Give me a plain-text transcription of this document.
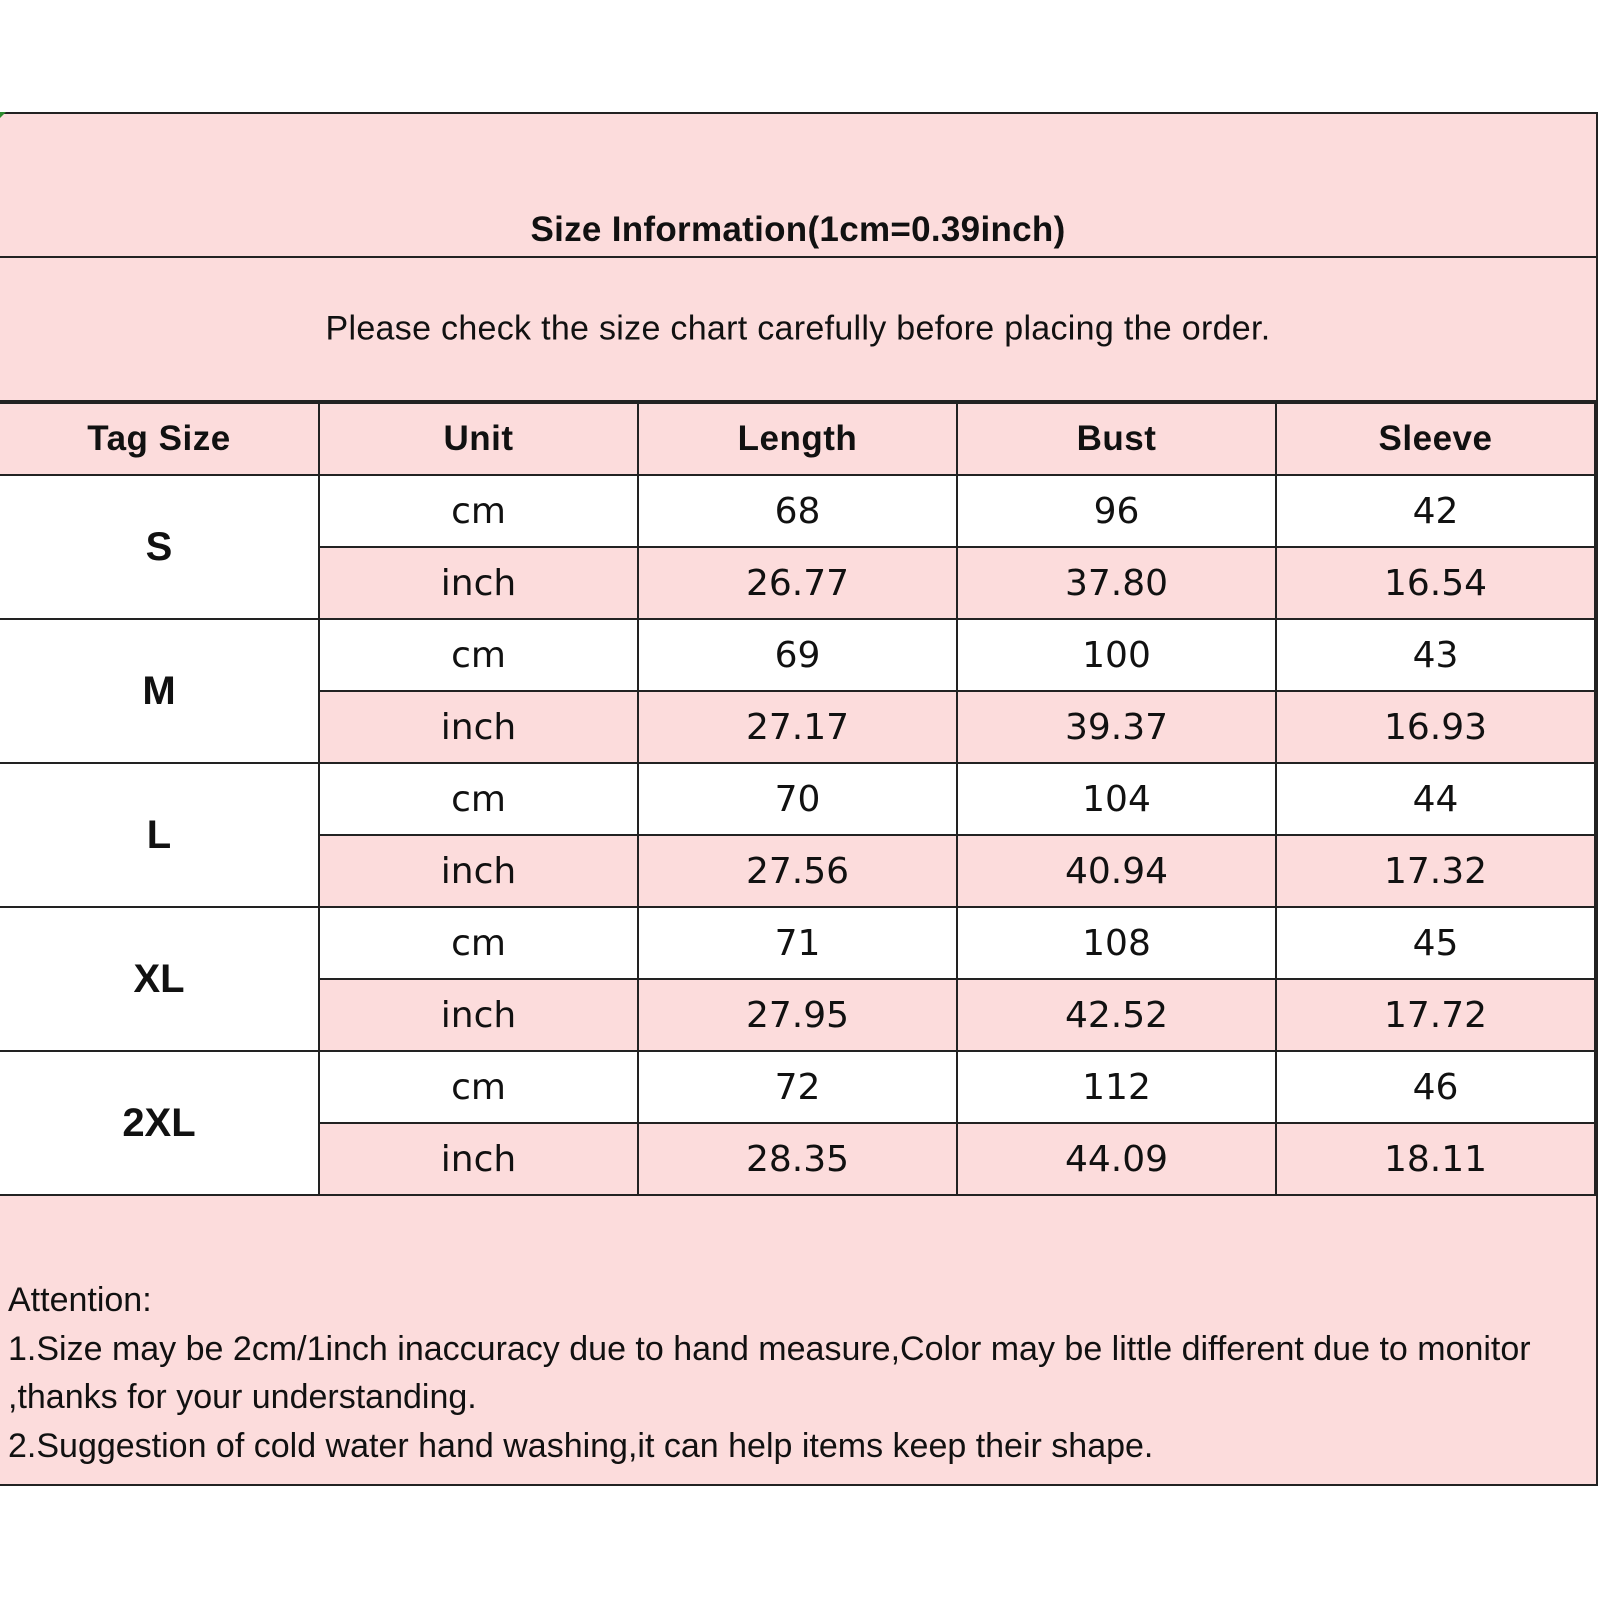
Size Information(1cm=0.39inch)
Please check the size chart carefully before placing the order.
Tag Size	Unit	Length	Bust	Sleeve
S	cm	68	96	42
	inch	26.77	37.80	16.54
M	cm	69	100	43
	inch	27.17	39.37	16.93
L	cm	70	104	44
	inch	27.56	40.94	17.32
XL	cm	71	108	45
	inch	27.95	42.52	17.72
2XL	cm	72	112	46
	inch	28.35	44.09	18.11
Attention:
1.Size may be 2cm/1inch inaccuracy due to hand measure,Color may be little different due to monitor ,thanks for your understanding.
2.Suggestion of cold water hand washing,it can help items keep their shape.
